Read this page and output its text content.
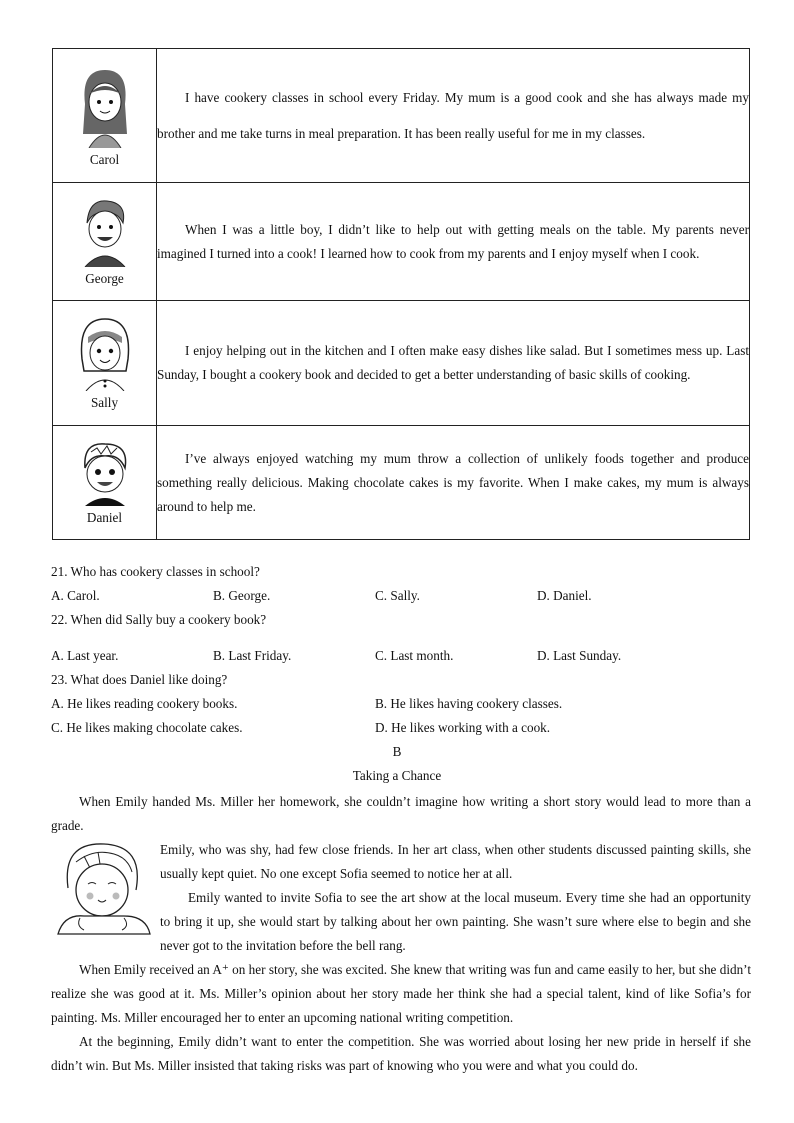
Carol	I have cookery classes in school every Friday. My mum is a good cook and she has always made my brother and me take turns in meal preparation. It has been really useful for me in my classes.

George	When I was a little boy, I didn’t like to help out with getting meals on the table. My parents never imagined I turned into a cook! I learned how to cook from my parents and I enjoy myself when I cook.

Sally	I enjoy helping out in the kitchen and I often make easy dishes like salad. But I sometimes mess up. Last Sunday, I bought a cookery book and decided to get a better understanding of basic skills of cooking.

Daniel	I’ve always enjoyed watching my mum throw a collection of unlikely foods together and produce something really delicious. Making chocolate cakes is my favorite. When I make cakes, my mum is always around to help me.

21. Who has cookery classes in school?
A. Carol.	B. George.	C. Sally.	D. Daniel.
22. When did Sally buy a cookery book?
A. Last year.	B. Last Friday.	C. Last month.	D. Last Sunday.
23. What does Daniel like doing?
A. He likes reading cookery books.	B. He likes having cookery classes.
C. He likes making chocolate cakes.	D. He likes working with a cook.
B
Taking a Chance

When Emily handed Ms. Miller her homework, she couldn’t imagine how writing a short story would lead to more than a grade.

Emily, who was shy, had few close friends. In her art class, when other students discussed painting skills, she usually kept quiet. No one except Sofia seemed to notice her at all.

Emily wanted to invite Sofia to see the art show at the local museum. Every time she had an opportunity to bring it up, she would start by talking about her own painting. She wasn’t sure where else to begin and she never got to the invitation before the bell rang.

When Emily received an A⁺ on her story, she was excited. She knew that writing was fun and came easily to her, but she didn’t realize she was good at it. Ms. Miller’s opinion about her story made her think she had a special talent, kind of like Sofia’s for painting. Ms. Miller encouraged her to enter an upcoming national writing competition.

At the beginning, Emily didn’t want to enter the competition. She was worried about losing her new pride in herself if she didn’t win. But Ms. Miller insisted that taking risks was part of knowing who you were and what you could do.
